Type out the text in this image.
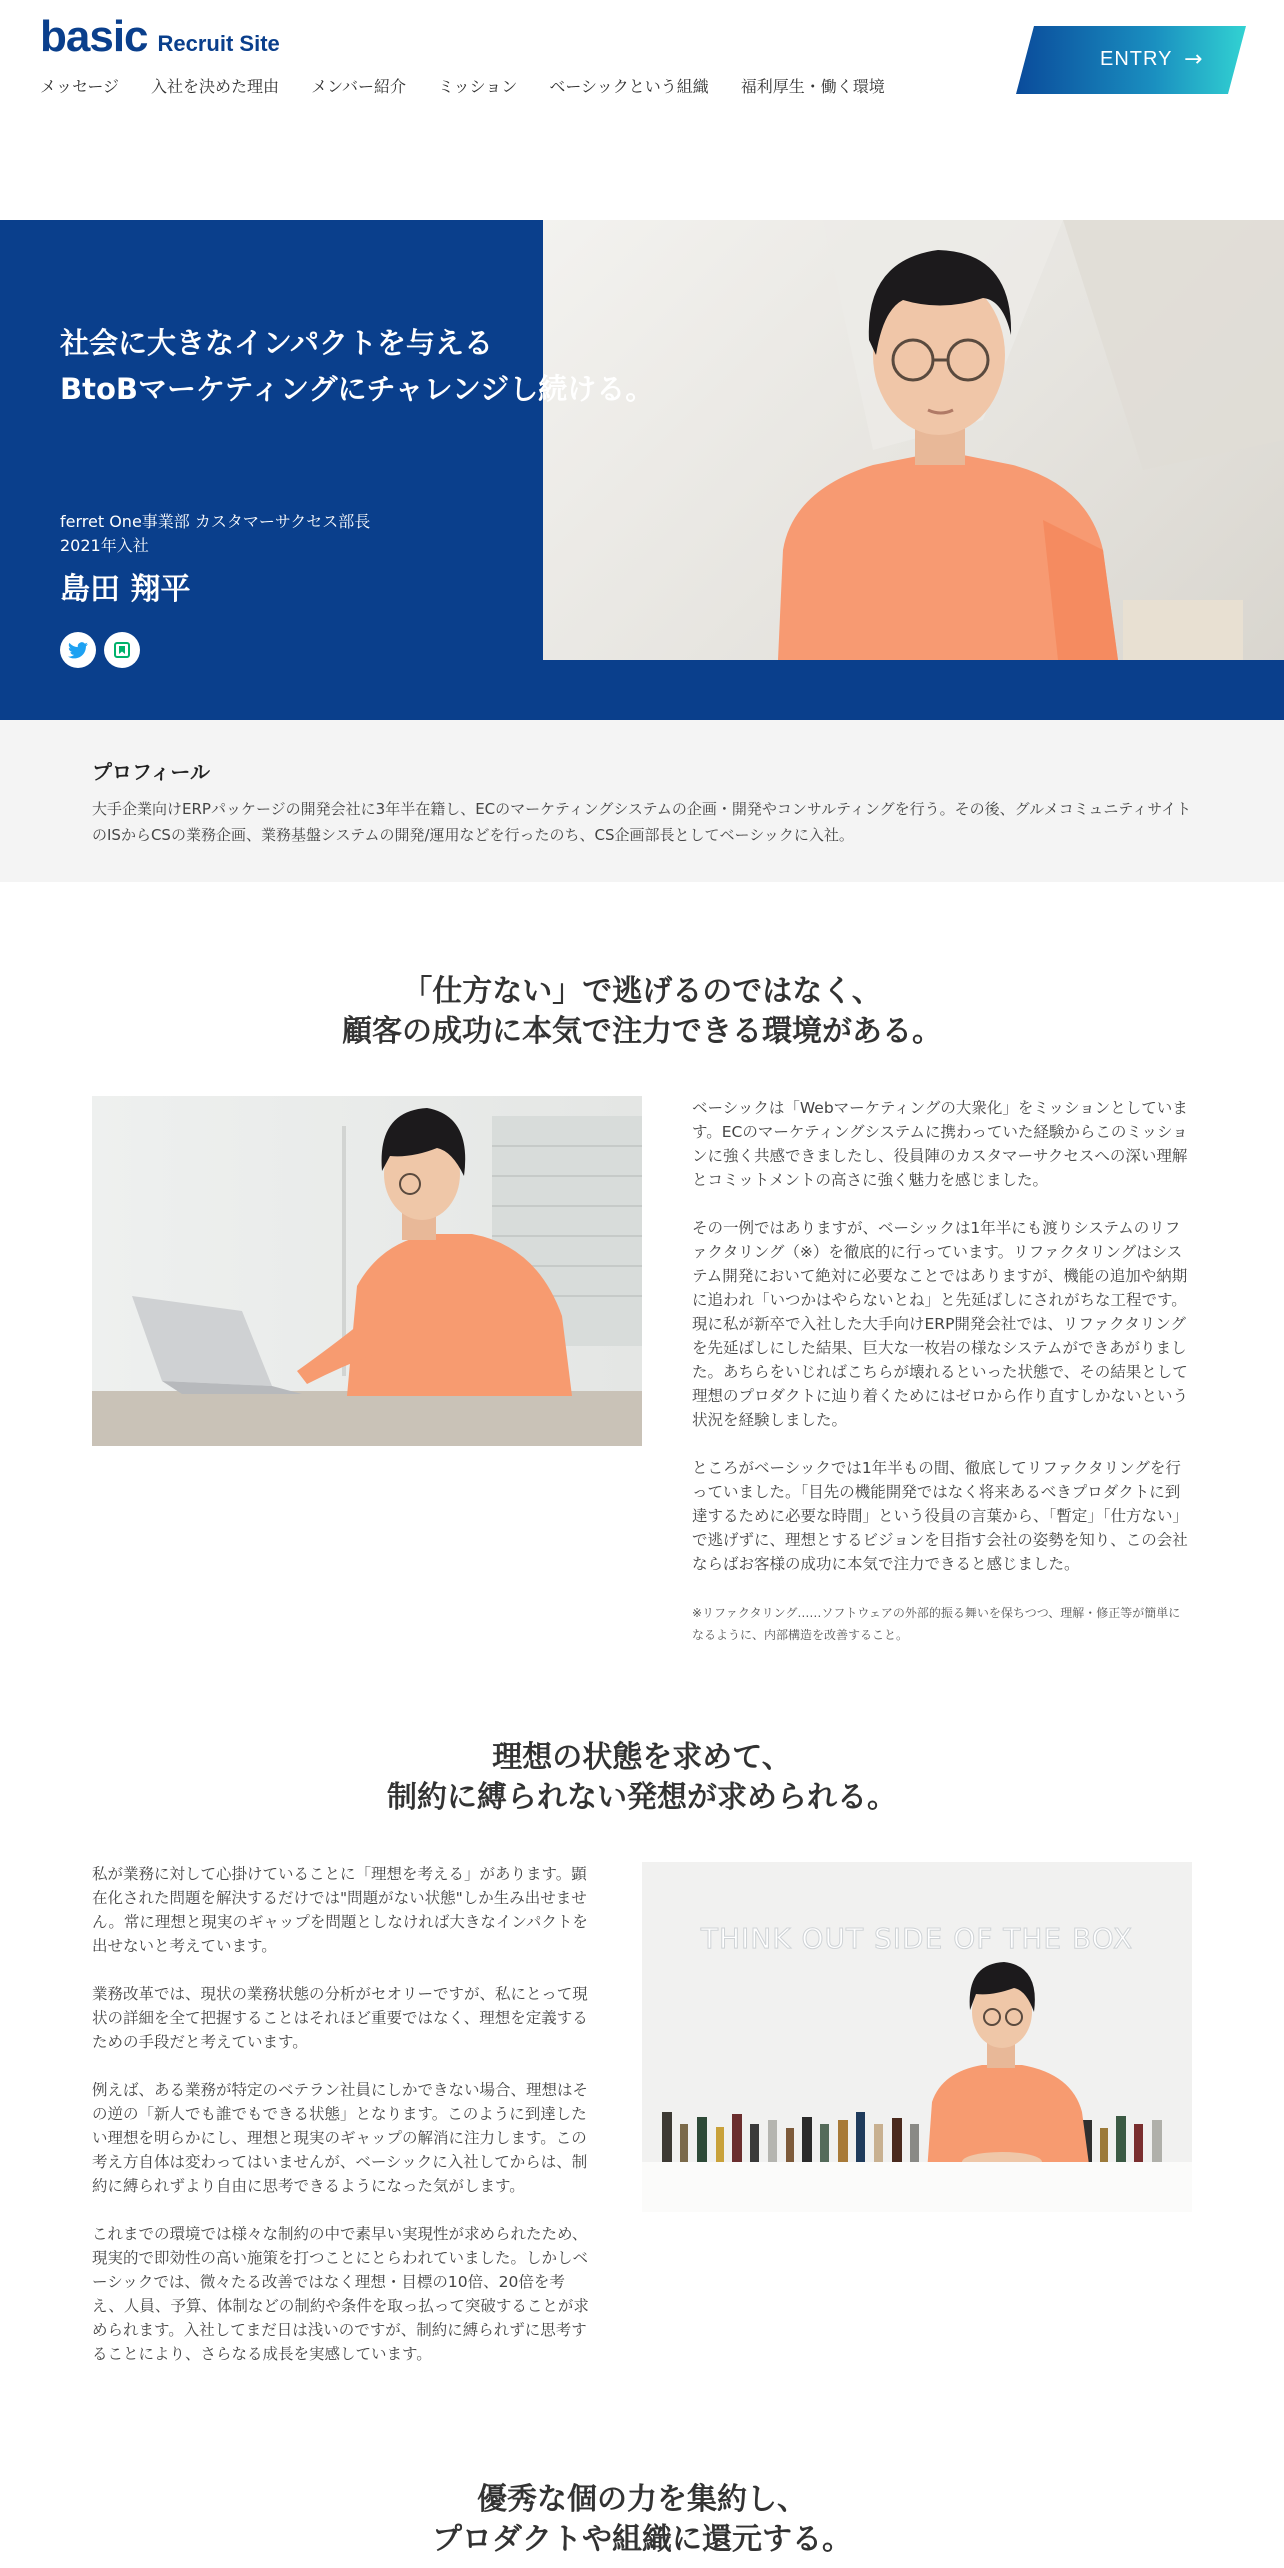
basic Recruit Site
メッセージ 入社を決めた理由 メンバー紹介 ミッション ベーシックという組織 福利厚生・働く環境
ENTRY →
社会に大きなインパクトを与える
BtoBマーケティングにチャレンジし続ける。
ferret One事業部 カスタマーサクセス部長
2021年入社
島田 翔平
プロフィール

大手企業向けERPパッケージの開発会社に3年半在籍し、ECのマーケティングシステムの企画・開発やコンサルティングを行う。その後、グルメコミュニティサイトのISからCSの業務企画、業務基盤システムの開発/運用などを行ったのち、CS企画部長としてベーシックに入社。

「仕方ない」で逃げるのではなく、
顧客の成功に本気で注力できる環境がある。

ベーシックは「Webマーケティングの大衆化」をミッションとしています。ECのマーケティングシステムに携わっていた経験からこのミッションに強く共感できましたし、役員陣のカスタマーサクセスへの深い理解とコミットメントの高さに強く魅力を感じました。

その一例ではありますが、ベーシックは1年半にも渡りシステムのリファクタリング（※）を徹底的に行っています。リファクタリングはシステム開発において絶対に必要なことではありますが、機能の追加や納期に追われ「いつかはやらないとね」と先延ばしにされがちな工程です。現に私が新卒で入社した大手向けERP開発会社では、リファクタリングを先延ばしにした結果、巨大な一枚岩の様なシステムができあがりました。あちらをいじればこちらが壊れるといった状態で、その結果として理想のプロダクトに辿り着くためにはゼロから作り直すしかないという状況を経験しました。

ところがベーシックでは1年半もの間、徹底してリファクタリングを行っていました。「目先の機能開発ではなく将来あるべきプロダクトに到達するために必要な時間」という役員の言葉から、「暫定」「仕方ない」で逃げずに、理想とするビジョンを目指す会社の姿勢を知り、この会社ならばお客様の成功に本気で注力できると感じました。

※リファクタリング……ソフトウェアの外部的振る舞いを保ちつつ、理解・修正等が簡単になるように、内部構造を改善すること。

理想の状態を求めて、
制約に縛られない発想が求められる。

私が業務に対して心掛けていることに「理想を考える」があります。顕在化された問題を解決するだけでは"問題がない状態"しか生み出せません。常に理想と現実のギャップを問題としなければ大きなインパクトを出せないと考えています。

業務改革では、現状の業務状態の分析がセオリーですが、私にとって現状の詳細を全て把握することはそれほど重要ではなく、理想を定義するための手段だと考えています。

例えば、ある業務が特定のベテラン社員にしかできない場合、理想はその逆の「新人でも誰でもできる状態」となります。このように到達したい理想を明らかにし、理想と現実のギャップの解消に注力します。この考え方自体は変わってはいませんが、ベーシックに入社してからは、制約に縛られずより自由に思考できるようになった気がします。

これまでの環境では様々な制約の中で素早い実現性が求められたため、現実的で即効性の高い施策を打つことにとらわれていました。しかしベーシックでは、微々たる改善ではなく理想・目標の10倍、20倍を考え、人員、予算、体制などの制約や条件を取っ払って突破することが求められます。入社してまだ日は浅いのですが、制約に縛られずに思考することにより、さらなる成長を実感しています。

THINK OUT SIDE OF THE BOX
優秀な個の力を集約し、
プロダクトや組織に還元する。
